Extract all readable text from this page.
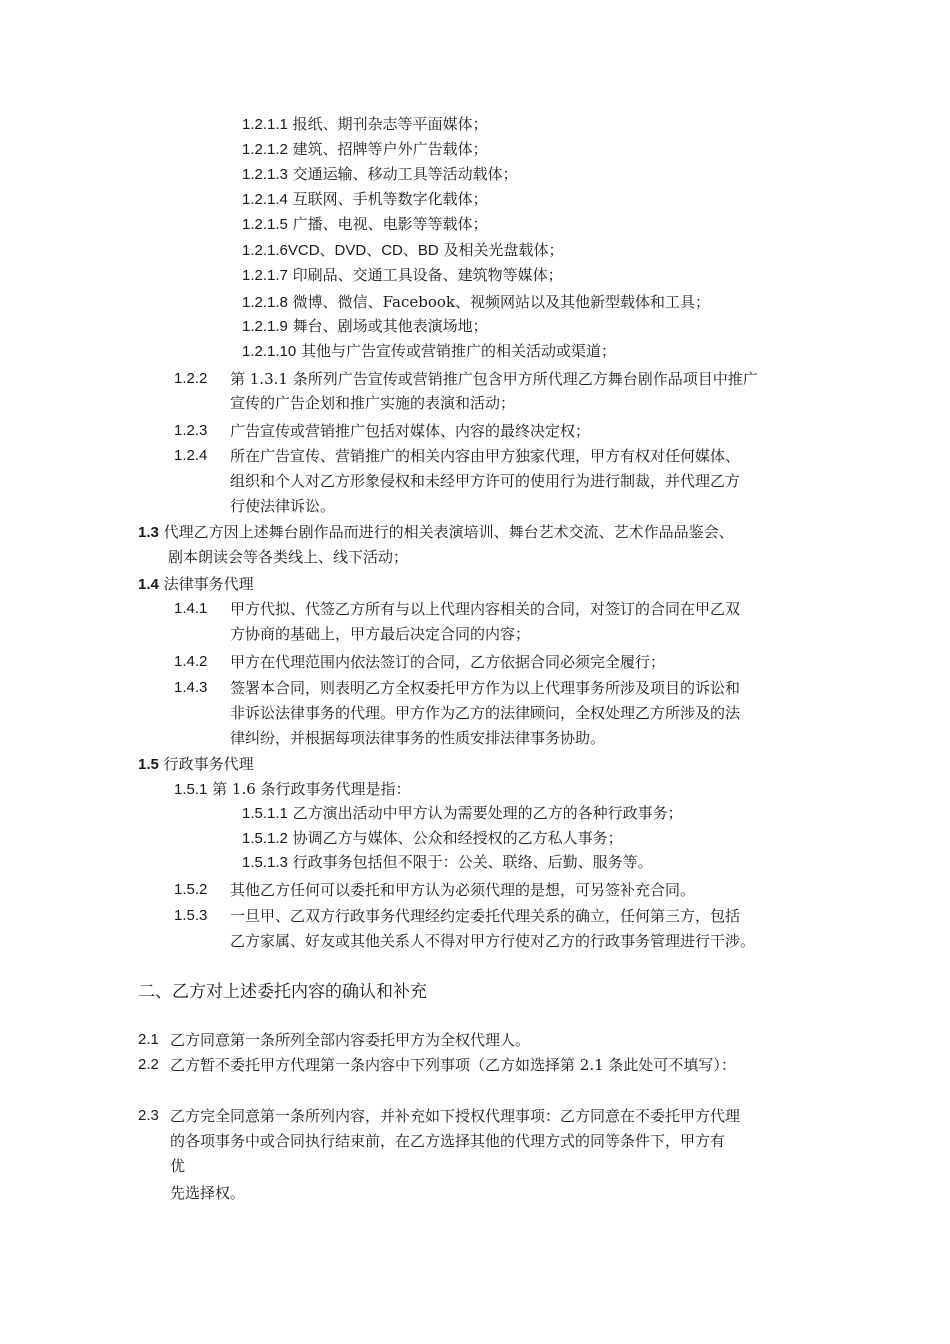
1.2.1.1 报纸、期刊杂志等平面媒体；
1.2.1.2 建筑、招牌等户外广告载体；
1.2.1.3 交通运输、移动工具等活动载体；
1.2.1.4 互联网、手机等数字化载体；
1.2.1.5 广播、电视、电影等等载体；
1.2.1.6VCD、DVD、CD、BD 及相关光盘载体；
1.2.1.7 印刷品、交通工具设备、建筑物等媒体；
1.2.1.8 微博、微信、Facebook、视频网站以及其他新型载体和工具；
1.2.1.9 舞台、剧场或其他表演场地；
1.2.1.10 其他与广告宣传或营销推广的相关活动或渠道；
1.2.2 第 1.3.1 条所列广告宣传或营销推广包含甲方所代理乙方舞台剧作品项目中推广
宣传的广告企划和推广实施的表演和活动；
1.2.3 广告宣传或营销推广包括对媒体、内容的最终决定权；
1.2.4 所在广告宣传、营销推广的相关内容由甲方独家代理，甲方有权对任何媒体、
组织和个人对乙方形象侵权和未经甲方许可的使用行为进行制裁，并代理乙方
行使法律诉讼。
1.3 代理乙方因上述舞台剧作品而进行的相关表演培训、舞台艺术交流、艺术作品品鉴会、
剧本朗读会等各类线上、线下活动；
1.4 法律事务代理
1.4.1 甲方代拟、代签乙方所有与以上代理内容相关的合同，对签订的合同在甲乙双
方协商的基础上，甲方最后决定合同的内容；
1.4.2 甲方在代理范围内依法签订的合同，乙方依据合同必须完全履行；
1.4.3 签署本合同，则表明乙方全权委托甲方作为以上代理事务所涉及项目的诉讼和
非诉讼法律事务的代理。甲方作为乙方的法律顾问，全权处理乙方所涉及的法
律纠纷，并根据每项法律事务的性质安排法律事务协助。
1.5 行政事务代理
1.5.1 第 1.6 条行政事务代理是指：
1.5.1.1 乙方演出活动中甲方认为需要处理的乙方的各种行政事务；
1.5.1.2 协调乙方与媒体、公众和经授权的乙方私人事务；
1.5.1.3 行政事务包括但不限于：公关、联络、后勤、服务等。
1.5.2 其他乙方任何可以委托和甲方认为必须代理的是想，可另签补充合同。
1.5.3 一旦甲、乙双方行政事务代理经约定委托代理关系的确立，任何第三方，包括
乙方家属、好友或其他关系人不得对甲方行使对乙方的行政事务管理进行干涉。
二、乙方对上述委托内容的确认和补充
2.1 乙方同意第一条所列全部内容委托甲方为全权代理人。
2.2 乙方暂不委托甲方代理第一条内容中下列事项（乙方如选择第 2.1 条此处可不填写）：
2.3 乙方完全同意第一条所列内容，并补充如下授权代理事项：乙方同意在不委托甲方代理
的各项事务中或合同执行结束前，在乙方选择其他的代理方式的同等条件下，甲方有
优
先选择权。
